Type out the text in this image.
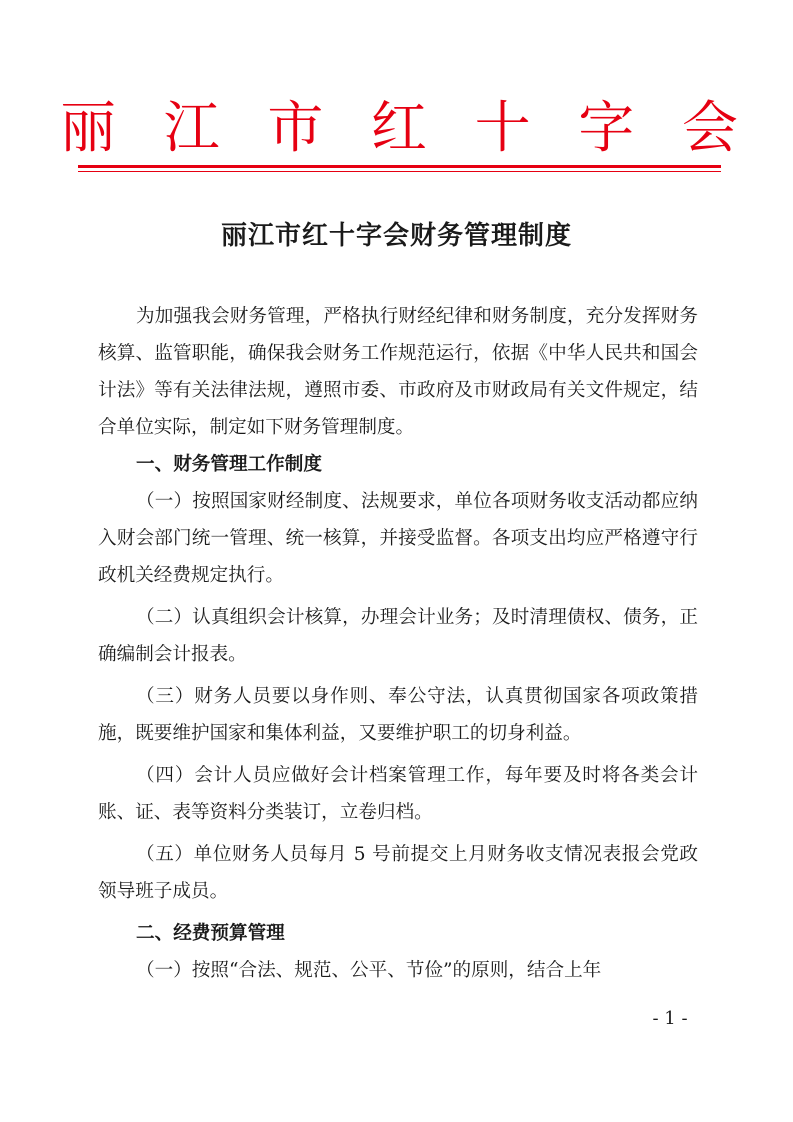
丽 江 市 红 十 字 会
丽江市红十字会财务管理制度

为加强我会财务管理，严格执行财经纪律和财务制度，充分发挥财务核算、监管职能，确保我会财务工作规范运行，依据《中华人民共和国会计法》等有关法律法规，遵照市委、市政府及市财政局有关文件规定，结合单位实际，制定如下财务管理制度。

一、财务管理工作制度

（一）按照国家财经制度、法规要求，单位各项财务收支活动都应纳入财会部门统一管理、统一核算，并接受监督。各项支出均应严格遵守行政机关经费规定执行。

（二）认真组织会计核算，办理会计业务；及时清理债权、债务，正确编制会计报表。

（三）财务人员要以身作则、奉公守法，认真贯彻国家各项政策措施，既要维护国家和集体利益，又要维护职工的切身利益。

（四）会计人员应做好会计档案管理工作，每年要及时将各类会计账、证、表等资料分类装订，立卷归档。

（五）单位财务人员每月 5 号前提交上月财务收支情况表报会党政领导班子成员。

二、经费预算管理

（一）按照“合法、规范、公平、节俭”的原则，结合上年

- 1 -
